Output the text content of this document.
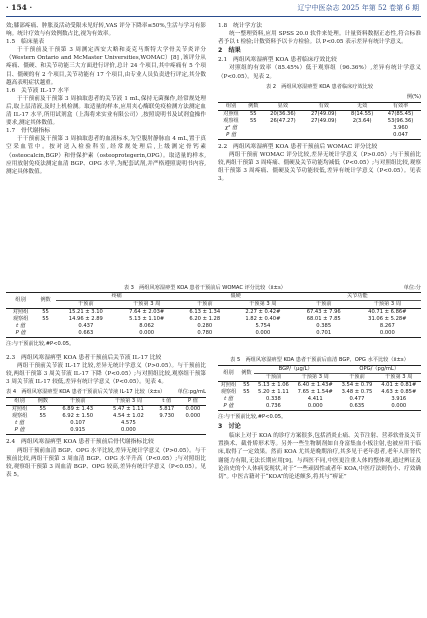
· 154 ·	辽宁中医杂志 2025 年第 52 卷第 6 期

效;膝部疼痛、肿胀及活动受限未见好转,VAS 评分下降率≤50%,生活与学习有影响。统计疗效与有效例数占比,视为有效率。

1.5　临床量表

于干预前及干预第 3 周测定西安大略和麦克马斯特大学骨关节炎评分（Western Ontario and McMaster Universities,WOMAC）[8] ,该评分从疼痛、僵硬、和关节功能三大方面进行评价,总计 24 个项目,其中疼痛有 5 个项目、僵硬的有 2 个项目,关节功能有 17 个项目,由专业人员负责进行评定,其分数越高表明症状越重。

1.6　关节液 IL-17 水平

于干预前及干预第 3 周抽取患者的关节液 1 mL,保持无菌操作,经常规处理后,取上层清液,及时上机检测。取适量的样本,应用夹心酶联免疫检测方法测定血清 IL-17 水平,所用试剂盒（上海将来实业有限公司）,按照说明书及试剂盒操作要求,测定其体数值。

1.7　骨代谢指标

于干预前及干预第 3 周抽取患者的血液标本,为空腹肘静脉血 4 mL,置于真空采血管中。按对送入检验科室,经常规处理后,上级测定骨钙素（osteocalcin,BGP）和骨保护素（osteoprotegerin,OPG）。取适量的样本,应用放射免疫法测定血清 BGP、OPG 水平,为配套试剂,并严格遵照说明书内容,测定具体数值。

1.8　统计学方法

统一整理资料,应用 SPSS 20.0 软件来处理。计量资料数据正态性,符合标准者予以 t 检验;计数资料予以卡方检验。以 P<0.05 表示差异有统计学意义。

2　结果

2.1　两组风寒湿痹型 KOA 患者临床疗效比较

对照组的有效率（85.45%）低于观察组（96.36%）,差异有统计学意义（P<0.05）。见表 2。

表 2　两组风寒湿痹型 KOA 患者临床疗效比较
例(%)
组别	例数	显效	有效	无效	有效率
对照组	55	20(36.36)	27(49.09)	8(14.55)	47(85.45)
观察组	55	26(47.27)	27(49.09)	2(3.64)	53(96.36)
χ² 值					3.960
P 值					0.047

2.2　两组风寒湿痹型 KOA 患者干预前后 WOMAC 评分比较

两组干预前 WOMAC 评分比较,差异无统计学意义（P>0.05）;与干预前比较,两组干预第 3 周疼痛、僵硬及关节功能均减低（P<0.05）;与对照组比较,观察组干预第 3 周疼痛、僵硬及关节功能较低,差异有统计学意义（P<0.05）。见表 3。

表 3　两组风寒湿痹型 KOA 患者干预前后 WOMAC 评分比较（x̄±s）	单位:分
组别	例数	疼痛		僵硬		关节功能	
		干预前	干预第 3 周	干预前	干预第 3 周	干预前	干预第 3 周
对照组	55	15.21 ± 3.10	7.64 ± 2.03#	6.13 ± 1.34	2.27 ± 0.42#	67.43 ± 7.96	40.71 ± 6.86#
观察组	55	14.96 ± 2.89	5.13 ± 1.10#	6.20 ± 1.28	1.82 ± 0.40#	68.01 ± 7.85	31.06 ± 5.28#
t 值		0.437	8.062	0.280	5.754	0.385	8.267
P 值		0.663	0.000	0.780	0.000	0.701	0.000
注:与干预前比较,#P<0.05。

2.3　两组风寒湿痹型 KOA 患者干预前后关节液 IL-17 比较

两组干预前关节液 IL-17 比较,差异无统计学意义（P>0.05）。与干预前比较,两组干预第 3 周关节液 IL-17 下降（P<0.05）;与对照组比较,观察组干预第 3 周关节液 IL-17 较低,差异有统计学意义（P<0.05）。见表 4。

表 4　两组风寒湿痹型 KOA 患者干预前后关节液 IL-17 比较（x̄±s） 单位:pg/mL
组别	例数	干预前	干预第 3 周	t 值	P 值
对照组	55	6.89 ± 1.43	5.47 ± 1.11	5.817	0.000
观察组	55	6.92 ± 1.50	4.54 ± 1.02	9.730	0.000
t 值		0.107	4.575		
P 值		0.915	0.000		

2.4　两组风寒湿痹型 KOA 患者干预前后骨代谢指标比较

两组干预前血清 BGP、OPG 水平比较,差异无统计学意义（P>0.05）。与干预前比较,两组干预第 3 周血清 BGP、OPG 水平升高（P<0.05）;与对照组比较,观察组干预第 3 周血清 BGP、OPG 较高,差异有统计学意义（P<0.05）。见表 5。

表 5　两组风寒湿痹型 KOA 患者干预前后血清 BGP、OPG 水平比较（x̄±s）
组别	例数	BGP/（μg/L）		OPG/（pg/mL）	
		干预前	干预第 3 周	干预前	干预第 3 周
对照组	55	5.13 ± 1.06	6.40 ± 1.43#	3.54 ± 0.79	4.01 ± 0.81#
观察组	55	5.20 ± 1.11	7.65 ± 1.54#	3.48 ± 0.75	4.63 ± 0.85#
t 值		0.338	4.411	0.477	3.916
P 值		0.736	0.000	0.635	0.000
注:与干预前比较,#P<0.05。

3　讨论

临床上对于 KOA 的诊疗方案很多,包括消炎止痛、关节注射、营养软骨及关节置换术、截骨矫形术等。另外一些生物制剂如自身富集血小板注射,也被应用于临床,取得了一定效果。然而 KOA 尤其是晚期治疗,其多见于老年患者,老年人肝肾代谢能力有限,无法长期应用[9]。与西医不同,中医更注重人体的整体观,通过辨证及论治史的个人体病变现状,对于“一些顽固性或者年 KOA,中医疗法则伤小、疗效确切”。中医古籍对于“KOA”的论述颇多,将其与“痹证”
